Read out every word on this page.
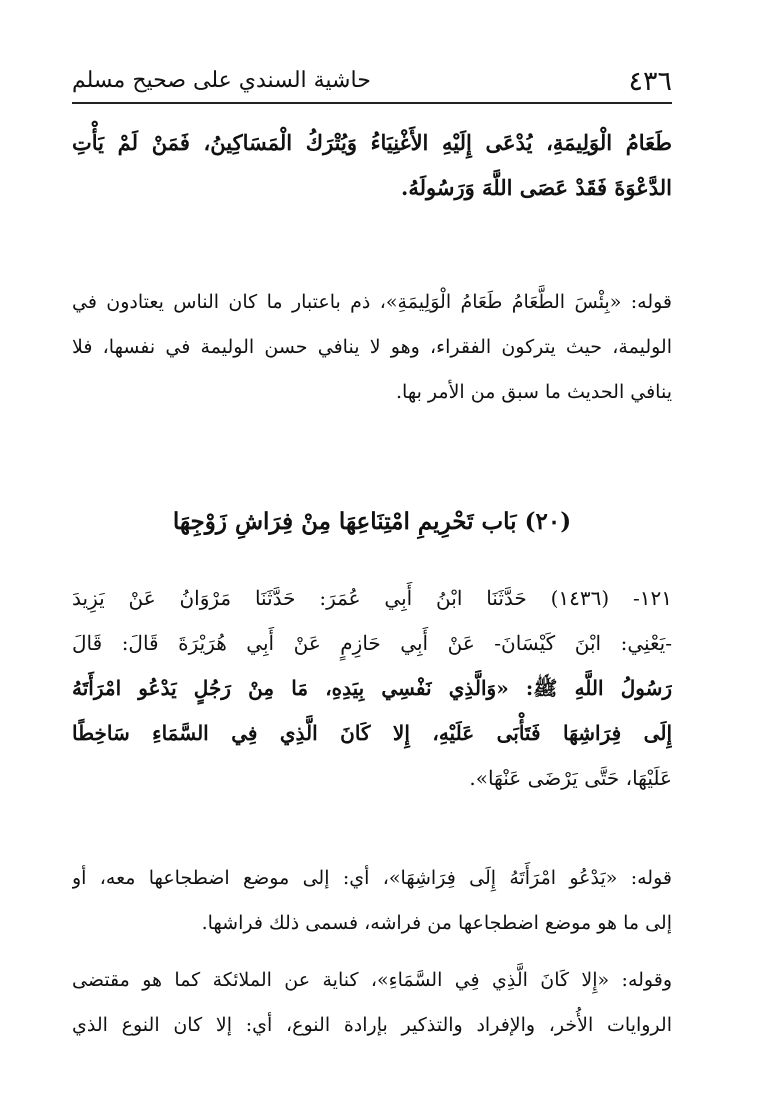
٤٣٦
حاشية السندي على صحيح مسلم
طَعَامُ الْوَلِيمَةِ، يُدْعَى إِلَيْهِ الأَغْنِيَاءُ وَيُتْرَكُ الْمَسَاكِينُ، فَمَنْ لَمْ يَأْتِ
الدَّعْوَةَ فَقَدْ عَصَى اللَّهَ وَرَسُولَهُ.
قوله: «بِئْسَ الطَّعَامُ طَعَامُ الْوَلِيمَةِ»، ذم باعتبار ما كان الناس يعتادون في
الوليمة، حيث يتركون الفقراء، وهو لا ينافي حسن الوليمة في نفسها، فلا
ينافي الحديث ما سبق من الأمر بها.
(٢٠) بَاب تَحْرِيمِ امْتِنَاعِهَا مِنْ فِرَاشِ زَوْجِهَا
١٢١- (١٤٣٦) حَدَّثَنَا ابْنُ أَبِي عُمَرَ: حَدَّثَنَا مَرْوَانُ عَنْ يَزِيدَ
-يَعْنِي: ابْنَ كَيْسَانَ- عَنْ أَبِي حَازِمٍ عَنْ أَبِي هُرَيْرَةَ قَالَ: قَالَ
رَسُولُ اللَّهِ ﷺ: «وَالَّذِي نَفْسِي بِيَدِهِ، مَا مِنْ رَجُلٍ يَدْعُو امْرَأَتَهُ
إِلَى فِرَاشِهَا فَتَأْبَى عَلَيْهِ، إِلا كَانَ الَّذِي فِي السَّمَاءِ سَاخِطًا
عَلَيْهَا، حَتَّى يَرْضَى عَنْهَا».
قوله: «يَدْعُو امْرَأَتَهُ إِلَى فِرَاشِهَا»، أي: إلى موضع اضطجاعها معه، أو
إلى ما هو موضع اضطجاعها من فراشه، فسمى ذلك فراشها.
وقوله: «إِلا كَانَ الَّذِي فِي السَّمَاءِ»، كناية عن الملائكة كما هو مقتضى
الروايات الأُخر، والإفراد والتذكير بإرادة النوع، أي: إلا كان النوع الذي
